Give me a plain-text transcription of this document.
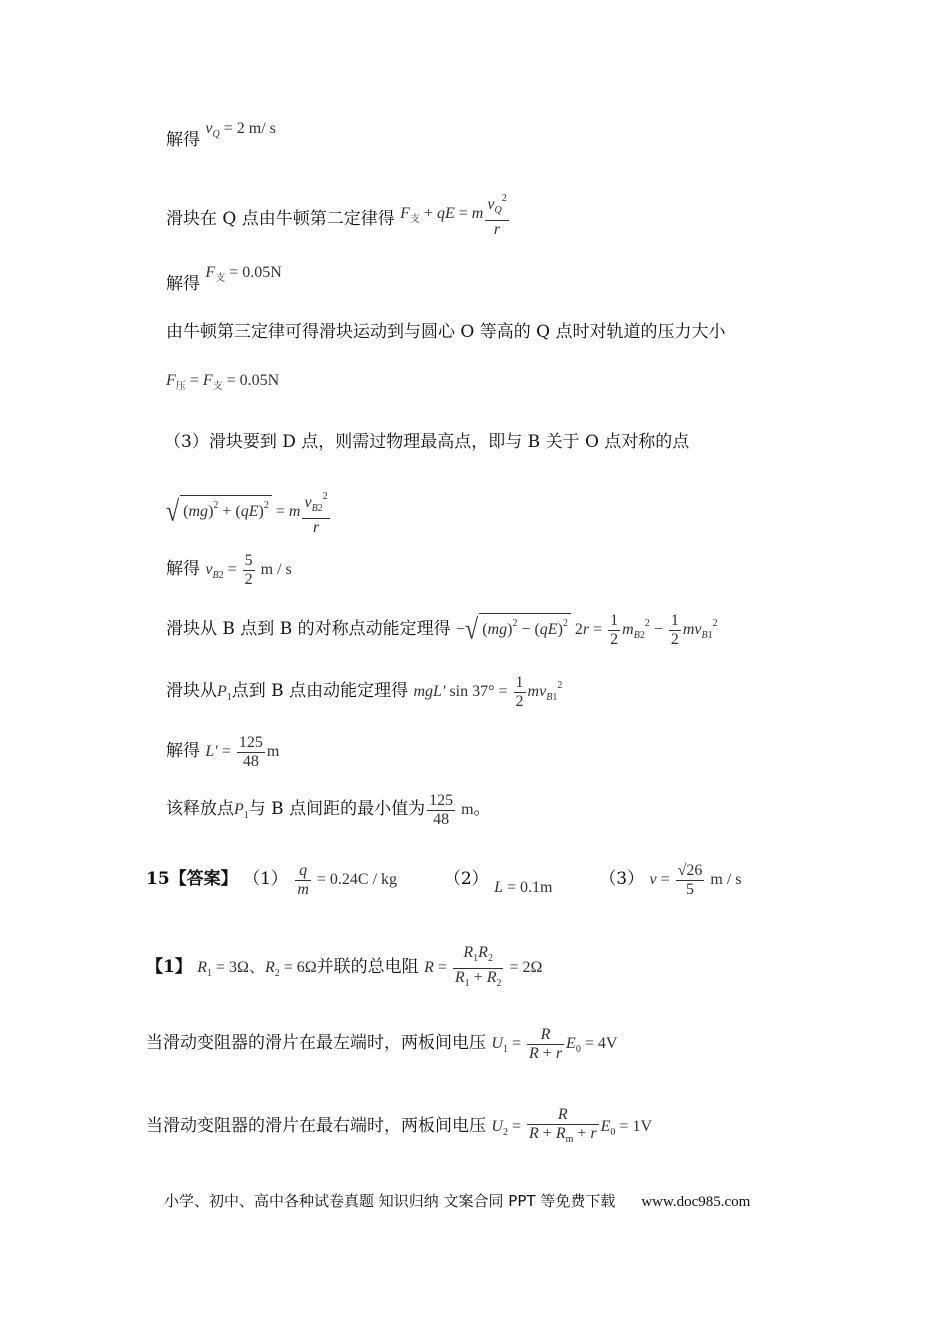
解得 $v_Q = 2$ m/ s
滑块在 Q 点由牛顿第二定律得 $F_支$ + qE = m $\frac{v_Q^2}{r}$
解得 $F_支 = 0.05N$
由牛顿第三定律可得滑块运动到与圆心 O 等高的 Q 点时对轨道的压力大小
$F_压 = F_支 = 0.05N$
（3）滑块要到 D 点，则需过物理最高点，即与 B 关于 O 点对称的点
√ (mg)$^2$ + (qE)$^2$ = m $\frac{v_{B2}^2}{r}$
解得 $v_{B2} = \frac{5}{2}$ m / s
滑块从 B 点到 B 的对称点动能定理得 −√ (mg)$^2$ − (qE)$^2$ $2r = \frac{1}{2} m_{B2}^2 - \frac{1}{2} mv_{B1}^2$
滑块从$P_1$点到 B 点由动能定理得 mgL′ $\sin 37^\circ = \frac{1}{2} mv_{B1}^2$
解得 $L' = \frac{125}{48}$ m
该释放点$P_1$与 B 点间距的最小值为 $\frac{125}{48}$ m。
15【答案】 $(1) \frac{q}{m} = 0.24C$ / kg	（2） L = 0.1m	（3） $v = \frac{√26}{5}$ m / s
【1】 $R_1 = 3\Omega$、$R_2 = 6\Omega$并联的总电阻 $R = \frac{R_1R_2}{R_1 + R_2} = 2\Omega$
当滑动变阻器的滑片在最左端时，两板间电压 $U_1 = \frac{R}{R + r} E_0 = 4V$
当滑动变阻器的滑片在最右端时，两板间电压 $U_2 = \frac{R}{R + R_m + r} E_0 = 1V$
小学、初中、高中各种试卷真题 知识归纳 文案合同 PPT 等免费下载 www.doc985.com
